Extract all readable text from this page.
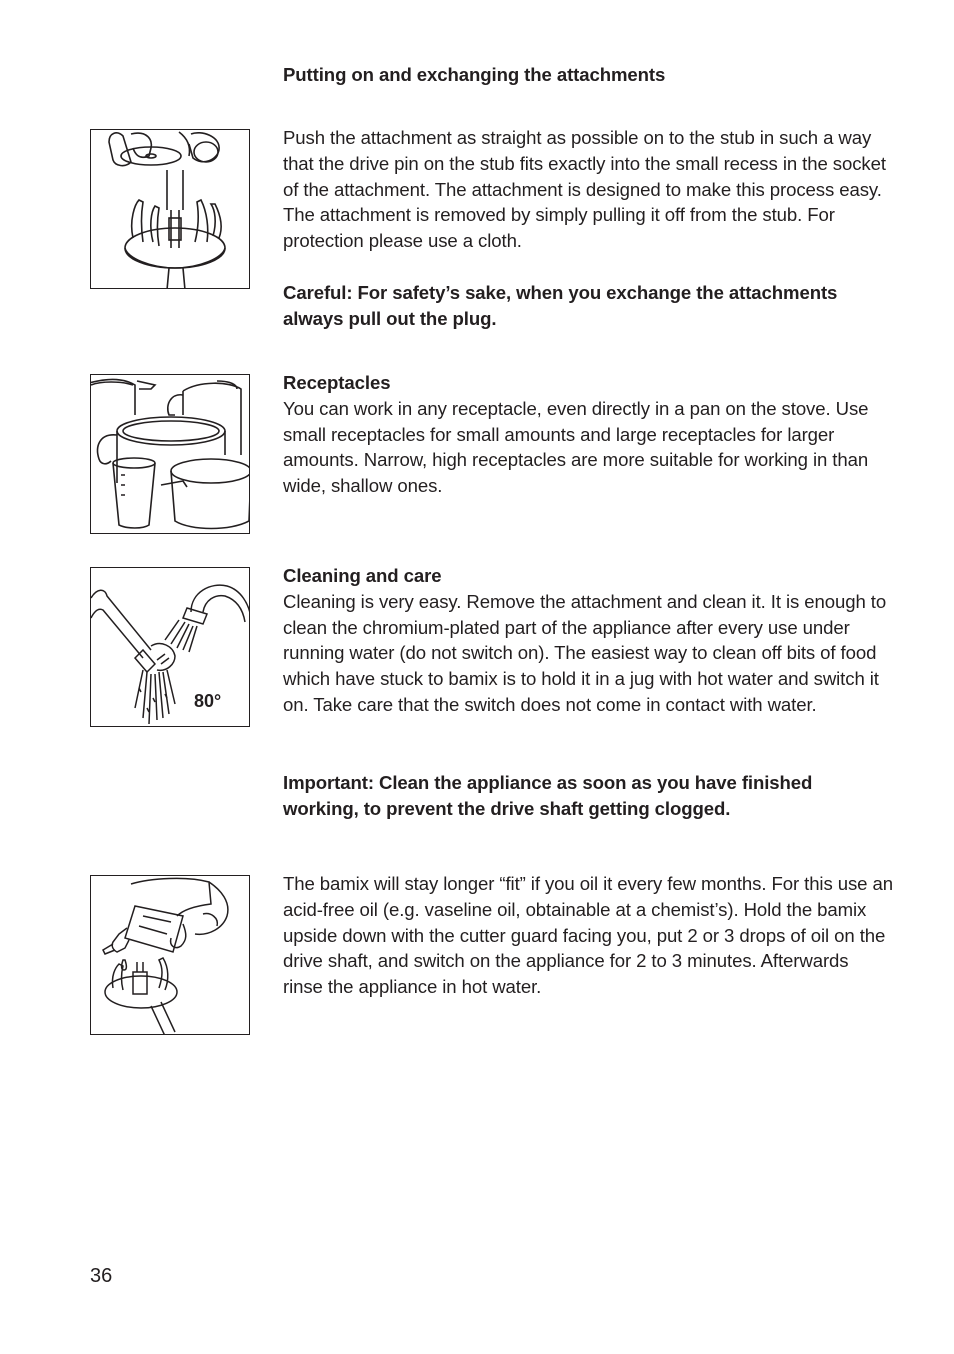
Putting on and exchanging the attachments
Push the attachment as straight as possible on to the stub in such a way that the drive pin on the stub fits exactly into the small recess in the socket of the attachment. The attachment is designed to make this process easy. The attachment is removed by simply pulling it off from the stub. For protection please use a cloth.
Careful: For safety’s sake, when you exchange the attachments always pull out the plug.
Receptacles
You can work in any receptacle, even directly in a pan on the stove. Use small receptacles for small amounts and large receptacles for larger amounts. Narrow, high receptacles are more suitable for working in than wide, shallow ones.
80°
Cleaning and care
Cleaning is very easy. Remove the attachment and clean it. It is enough to clean the chromium-plated part of the appliance after every use under running water (do not switch on). The easiest way to clean off bits of food which have stuck to bamix is to hold it in a jug with hot water and switch it on. Take care that the switch does not come in contact with water.
Important: Clean the appliance as soon as you have finished working, to prevent the drive shaft getting clogged.
The bamix will stay longer “fit” if you oil it every few months. For this use an acid-free oil (e.g. vaseline oil, obtainable at a chemist’s). Hold the bamix upside down with the cutter guard facing you, put 2 or 3 drops of oil on the drive shaft, and switch on the appliance for 2 to 3 minutes. Afterwards rinse the appliance in hot water.
36
